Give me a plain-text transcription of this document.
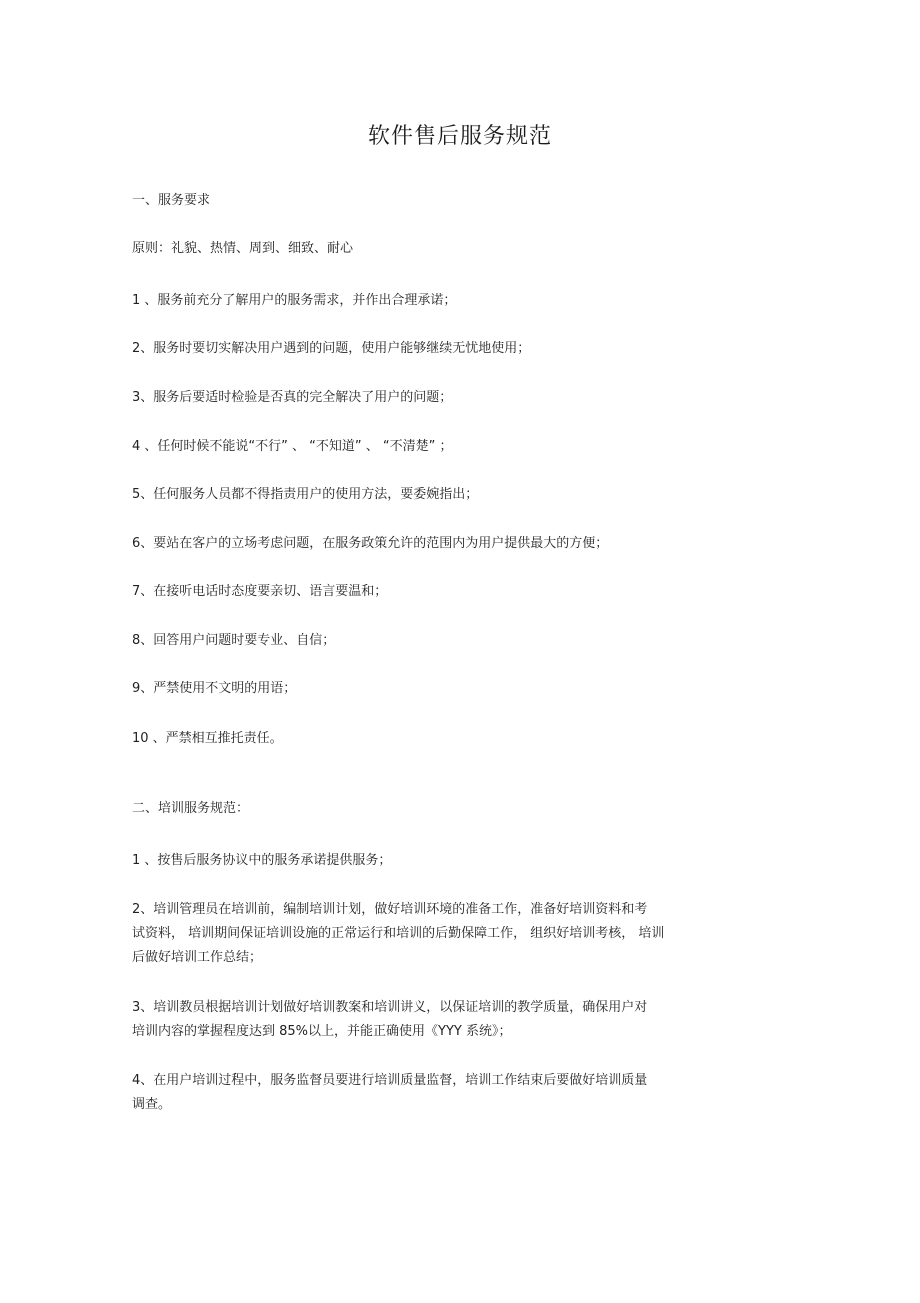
软件售后服务规范
一、服务要求
原则：礼貌、热情、周到、细致、耐心
1 、服务前充分了解用户的服务需求，并作出合理承诺；
2、服务时要切实解决用户遇到的问题，使用户能够继续无忧地使用；
3、服务后要适时检验是否真的完全解决了用户的问题；
4 、任何时候不能说“不行” 、 “不知道” 、 “不清楚” ；
5、任何服务人员都不得指责用户的使用方法，要委婉指出；
6、要站在客户的立场考虑问题，在服务政策允许的范围内为用户提供最大的方便；
7、在接听电话时态度要亲切、语言要温和；
8、回答用户问题时要专业、自信；
9、严禁使用不文明的用语；
10 、严禁相互推托责任。
二、培训服务规范：
1 、按售后服务协议中的服务承诺提供服务；
2、培训管理员在培训前，编制培训计划，做好培训环境的准备工作，准备好培训资料和考
试资料， 培训期间保证培训设施的正常运行和培训的后勤保障工作， 组织好培训考核， 培训
后做好培训工作总结；
3、培训教员根据培训计划做好培训教案和培训讲义，以保证培训的教学质量，确保用户对
培训内容的掌握程度达到 85%以上，并能正确使用《YYY 系统》；
4、在用户培训过程中，服务监督员要进行培训质量监督，培训工作结束后要做好培训质量
调查。
